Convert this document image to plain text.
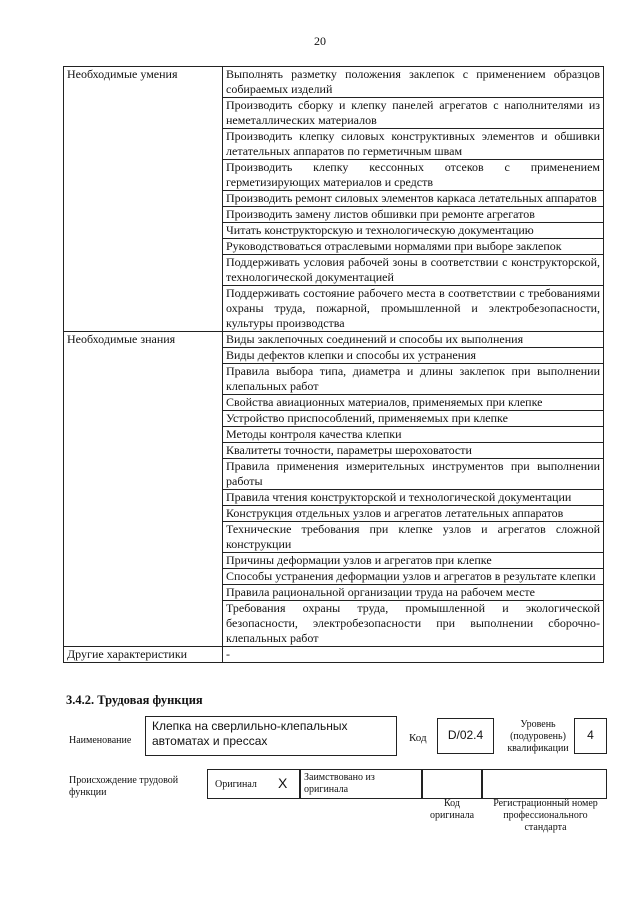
20
Необходимые умения	Выполнять разметку положения заклепок с применением образцов собираемых изделий
	Производить сборку и клепку панелей агрегатов с наполнителями из неметаллических материалов
	Производить клепку силовых конструктивных элементов и обшивки летательных аппаратов по герметичным швам
	Производить клепку кессонных отсеков с применением герметизирующих материалов и средств
	Производить ремонт силовых элементов каркаса летательных аппаратов
	Производить замену листов обшивки при ремонте агрегатов
	Читать конструкторскую и технологическую документацию
	Руководствоваться отраслевыми нормалями при выборе заклепок
	Поддерживать условия рабочей зоны в соответствии с конструкторской, технологической документацией
	Поддерживать состояние рабочего места в соответствии с требованиями охраны труда, пожарной, промышленной и электробезопасности, культуры производства
Необходимые знания	Виды заклепочных соединений и способы их выполнения
	Виды дефектов клепки и способы их устранения
	Правила выбора типа, диаметра и длины заклепок при выполнении клепальных работ
	Свойства авиационных материалов, применяемых при клепке
	Устройство приспособлений, применяемых при клепке
	Методы контроля качества клепки
	Квалитеты точности, параметры шероховатости
	Правила применения измерительных инструментов при выполнении работы
	Правила чтения конструкторской и технологической документации
	Конструкция отдельных узлов и агрегатов летательных аппаратов
	Технические требования при клепке узлов и агрегатов сложной конструкции
	Причины деформации узлов и агрегатов при клепке
	Способы устранения деформации узлов и агрегатов в результате клепки
	Правила рациональной организации труда на рабочем месте
	Требования охраны труда, промышленной и экологической безопасности, электробезопасности при выполнении сборочно-клепальных работ
Другие характеристики	-
3.4.2. Трудовая функция
Наименование
Клепка на сверлильно-клепальных автоматах и прессах	Код	D/02.4
Уровень (подуровень) квалификации
4
Происхождение трудовой функции
Оригинал X	Заимствовано из оригинала
Код оригинала
Регистрационный номер профессионального стандарта
